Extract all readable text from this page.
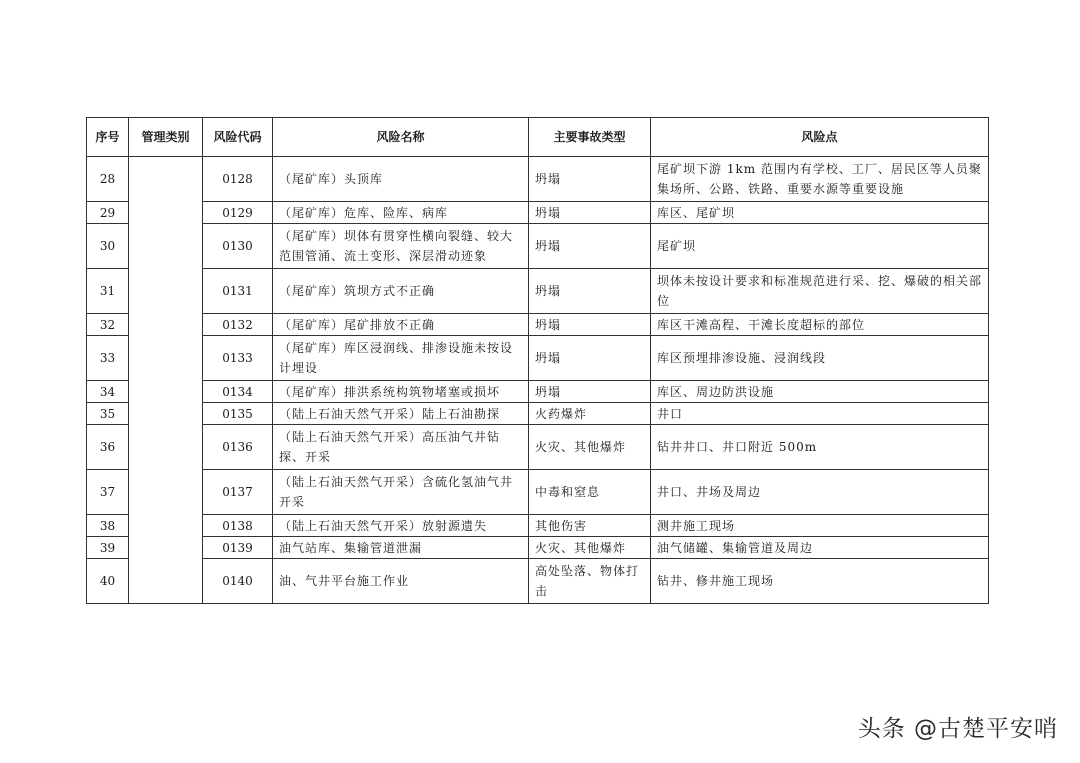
序号	管理类别	风险代码	风险名称	主要事故类型	风险点
28		0128	（尾矿库）头顶库	坍塌	尾矿坝下游 1km 范围内有学校、工厂、居民区等人员聚集场所、公路、铁路、重要水源等重要设施
29		0129	（尾矿库）危库、险库、病库	坍塌	库区、尾矿坝
30		0130	（尾矿库）坝体有贯穿性横向裂缝、较大范围管涌、流土变形、深层滑动迹象	坍塌	尾矿坝
31		0131	（尾矿库）筑坝方式不正确	坍塌	坝体未按设计要求和标准规范进行采、挖、爆破的相关部位
32		0132	（尾矿库）尾矿排放不正确	坍塌	库区干滩高程、干滩长度超标的部位
33		0133	（尾矿库）库区浸润线、排渗设施未按设计埋设	坍塌	库区预埋排渗设施、浸润线段
34		0134	（尾矿库）排洪系统构筑物堵塞或损坏	坍塌	库区、周边防洪设施
35		0135	（陆上石油天然气开采）陆上石油勘探	火药爆炸	井口
36		0136	（陆上石油天然气开采）高压油气井钻探、开采	火灾、其他爆炸	钻井井口、井口附近 500m
37		0137	（陆上石油天然气开采）含硫化氢油气井开采	中毒和窒息	井口、井场及周边
38		0138	（陆上石油天然气开采）放射源遗失	其他伤害	测井施工现场
39		0139	油气站库、集输管道泄漏	火灾、其他爆炸	油气储罐、集输管道及周边
40		0140	油、气井平台施工作业	高处坠落、物体打击	钻井、修井施工现场
头条 @古楚平安哨
